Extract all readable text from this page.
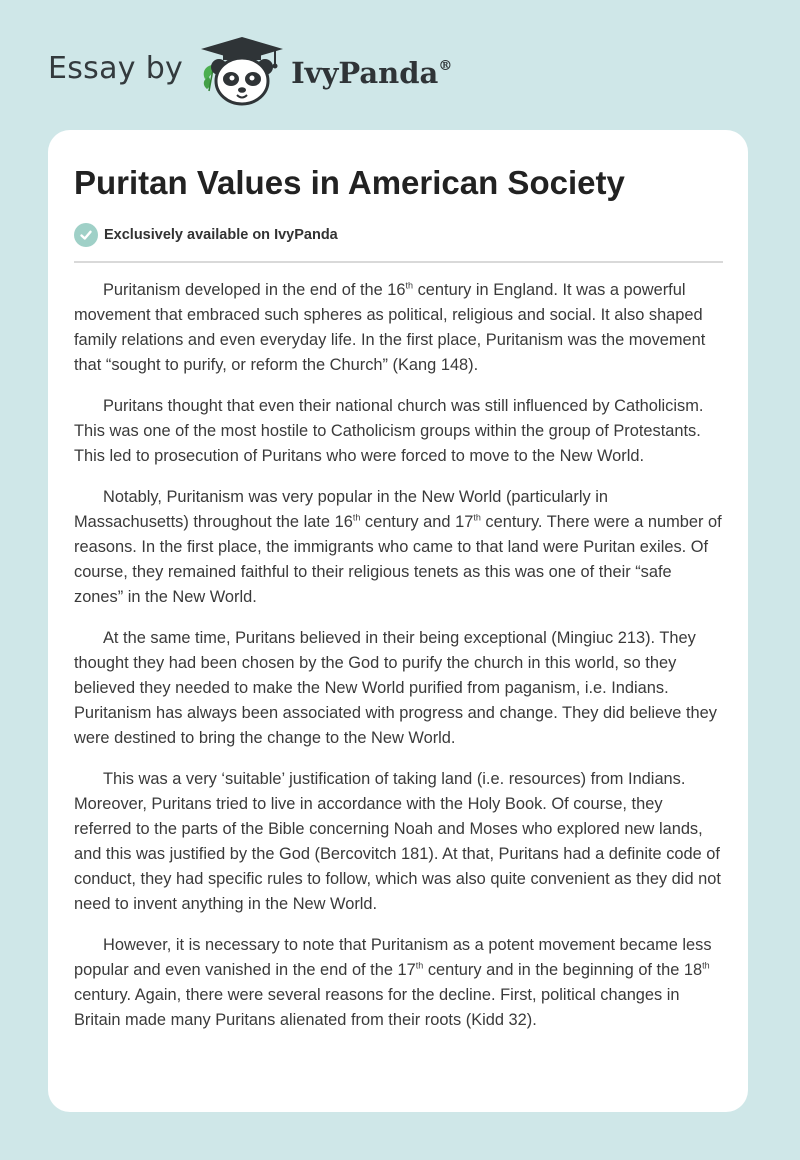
Essay by	IvyPanda®
Puritan Values in American Society
Exclusively available on IvyPanda

Puritanism developed in the end of the 16th century in England. It was a powerful movement that embraced such spheres as political, religious and social. It also shaped family relations and even everyday life. In the first place, Puritanism was the movement that “sought to purify, or reform the Church” (Kang 148).

Puritans thought that even their national church was still influenced by Catholicism. This was one of the most hostile to Catholicism groups within the group of Protestants. This led to prosecution of Puritans who were forced to move to the New World.

Notably, Puritanism was very popular in the New World (particularly in Massachusetts) throughout the late 16th century and 17th century. There were a number of reasons. In the first place, the immigrants who came to that land were Puritan exiles. Of course, they remained faithful to their religious tenets as this was one of their “safe zones” in the New World.

At the same time, Puritans believed in their being exceptional (Mingiuc 213). They thought they had been chosen by the God to purify the church in this world, so they believed they needed to make the New World purified from paganism, i.e. Indians. Puritanism has always been associated with progress and change. They did believe they were destined to bring the change to the New World.

This was a very ‘suitable’ justification of taking land (i.e. resources) from Indians. Moreover, Puritans tried to live in accordance with the Holy Book. Of course, they referred to the parts of the Bible concerning Noah and Moses who explored new lands, and this was justified by the God (Bercovitch 181). At that, Puritans had a definite code of conduct, they had specific rules to follow, which was also quite convenient as they did not need to invent anything in the New World.

However, it is necessary to note that Puritanism as a potent movement became less popular and even vanished in the end of the 17th century and in the beginning of the 18th century. Again, there were several reasons for the decline. First, political changes in Britain made many Puritans alienated from their roots (Kidd 32).
